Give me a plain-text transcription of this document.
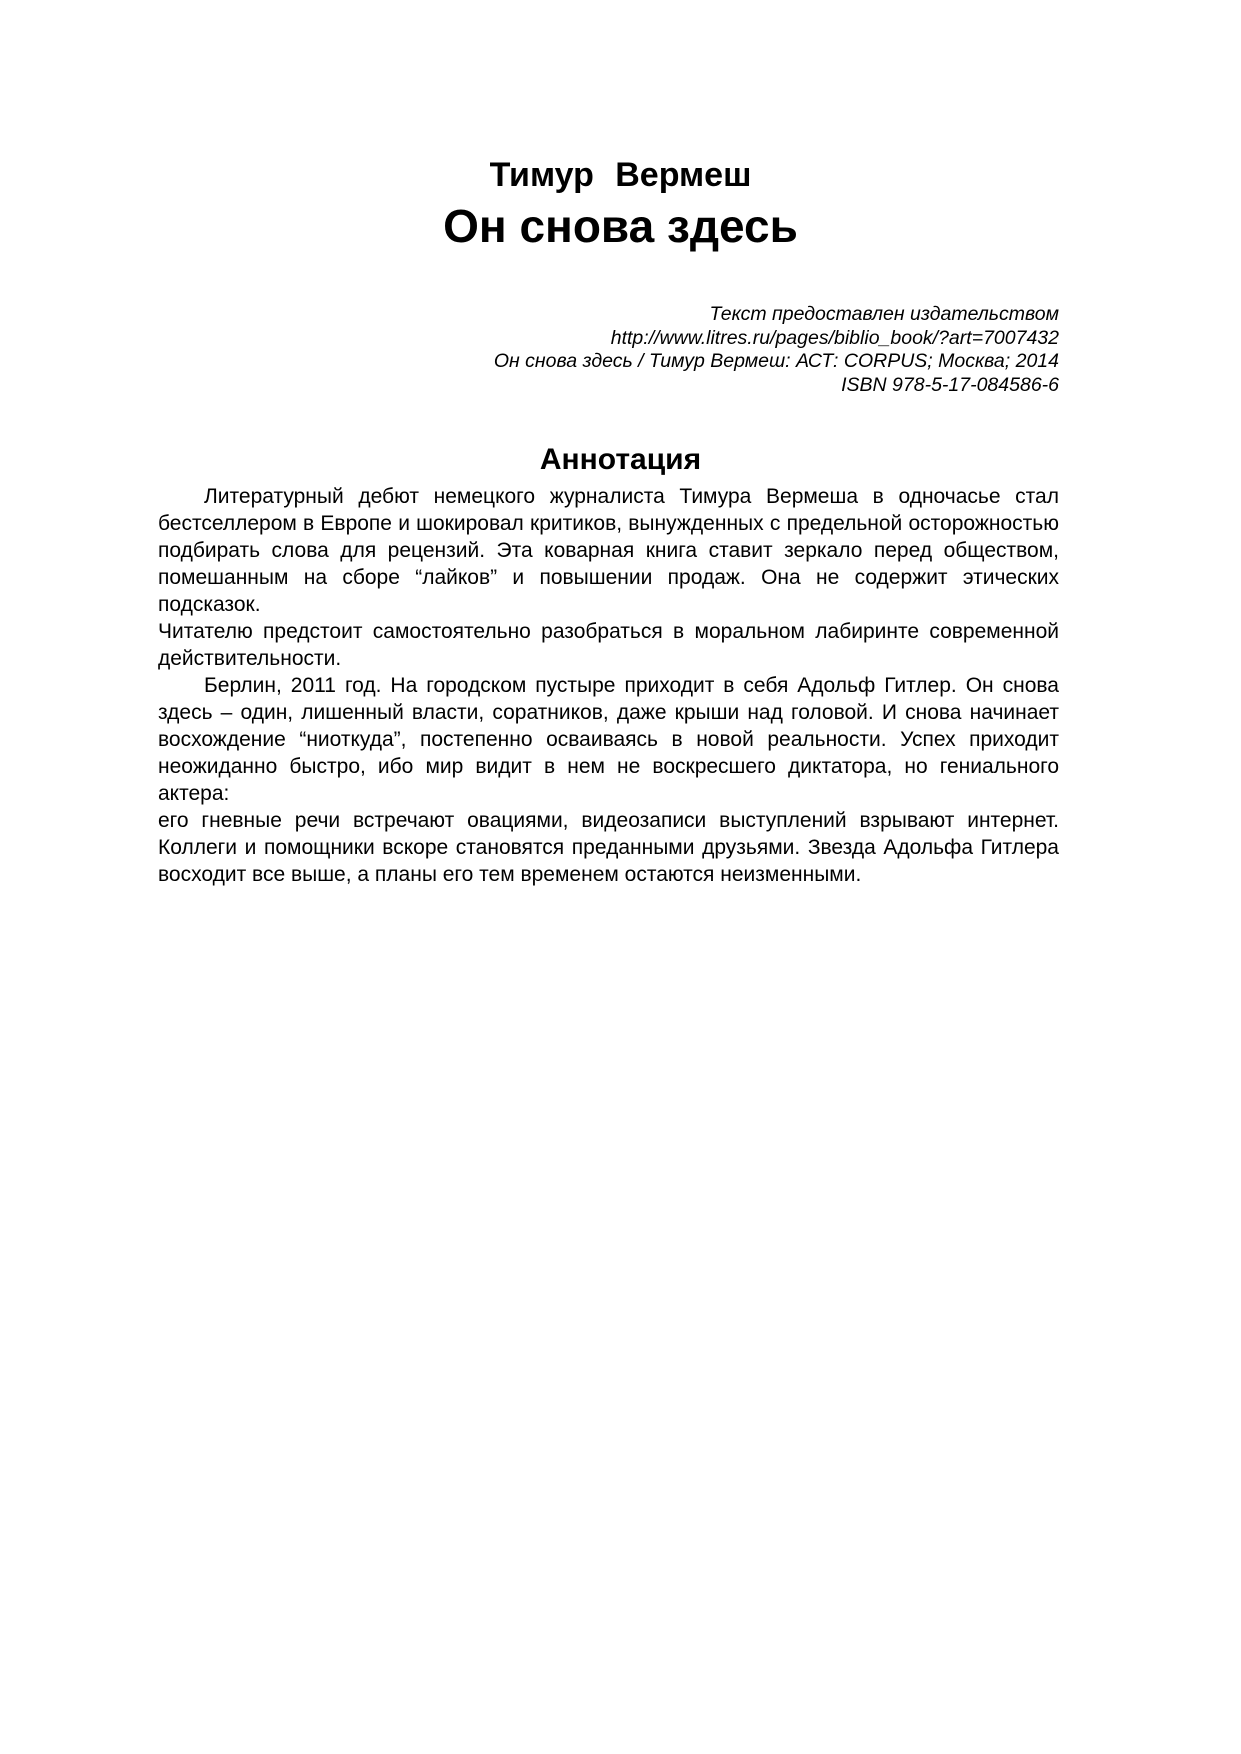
Тимур Вермеш
Он снова здесь
Текст предоставлен издательством
http://www.litres.ru/pages/biblio_book/?art=7007432
Он снова здесь / Тимур Вермеш: АСТ: CORPUS; Москва; 2014
ISBN 978-5-17-084586-6
Аннотация
Литературный дебют немецкого журналиста Тимура Вермеша в одночасье стал
бестселлером в Европе и шокировал критиков, вынужденных с предельной осторожностью
подбирать слова для рецензий. Эта коварная книга ставит зеркало перед обществом,
помешанным на сборе “лайков” и повышении продаж. Она не содержит этических подсказок.
Читателю предстоит самостоятельно разобраться в моральном лабиринте современной
действительности.
Берлин, 2011 год. На городском пустыре приходит в себя Адольф Гитлер. Он снова
здесь – один, лишенный власти, соратников, даже крыши над головой. И снова начинает
восхождение “ниоткуда”, постепенно осваиваясь в новой реальности. Успех приходит
неожиданно быстро, ибо мир видит в нем не воскресшего диктатора, но гениального актера:
его гневные речи встречают овациями, видеозаписи выступлений взрывают интернет.
Коллеги и помощники вскоре становятся преданными друзьями. Звезда Адольфа Гитлера
восходит все выше, а планы его тем временем остаются неизменными.
